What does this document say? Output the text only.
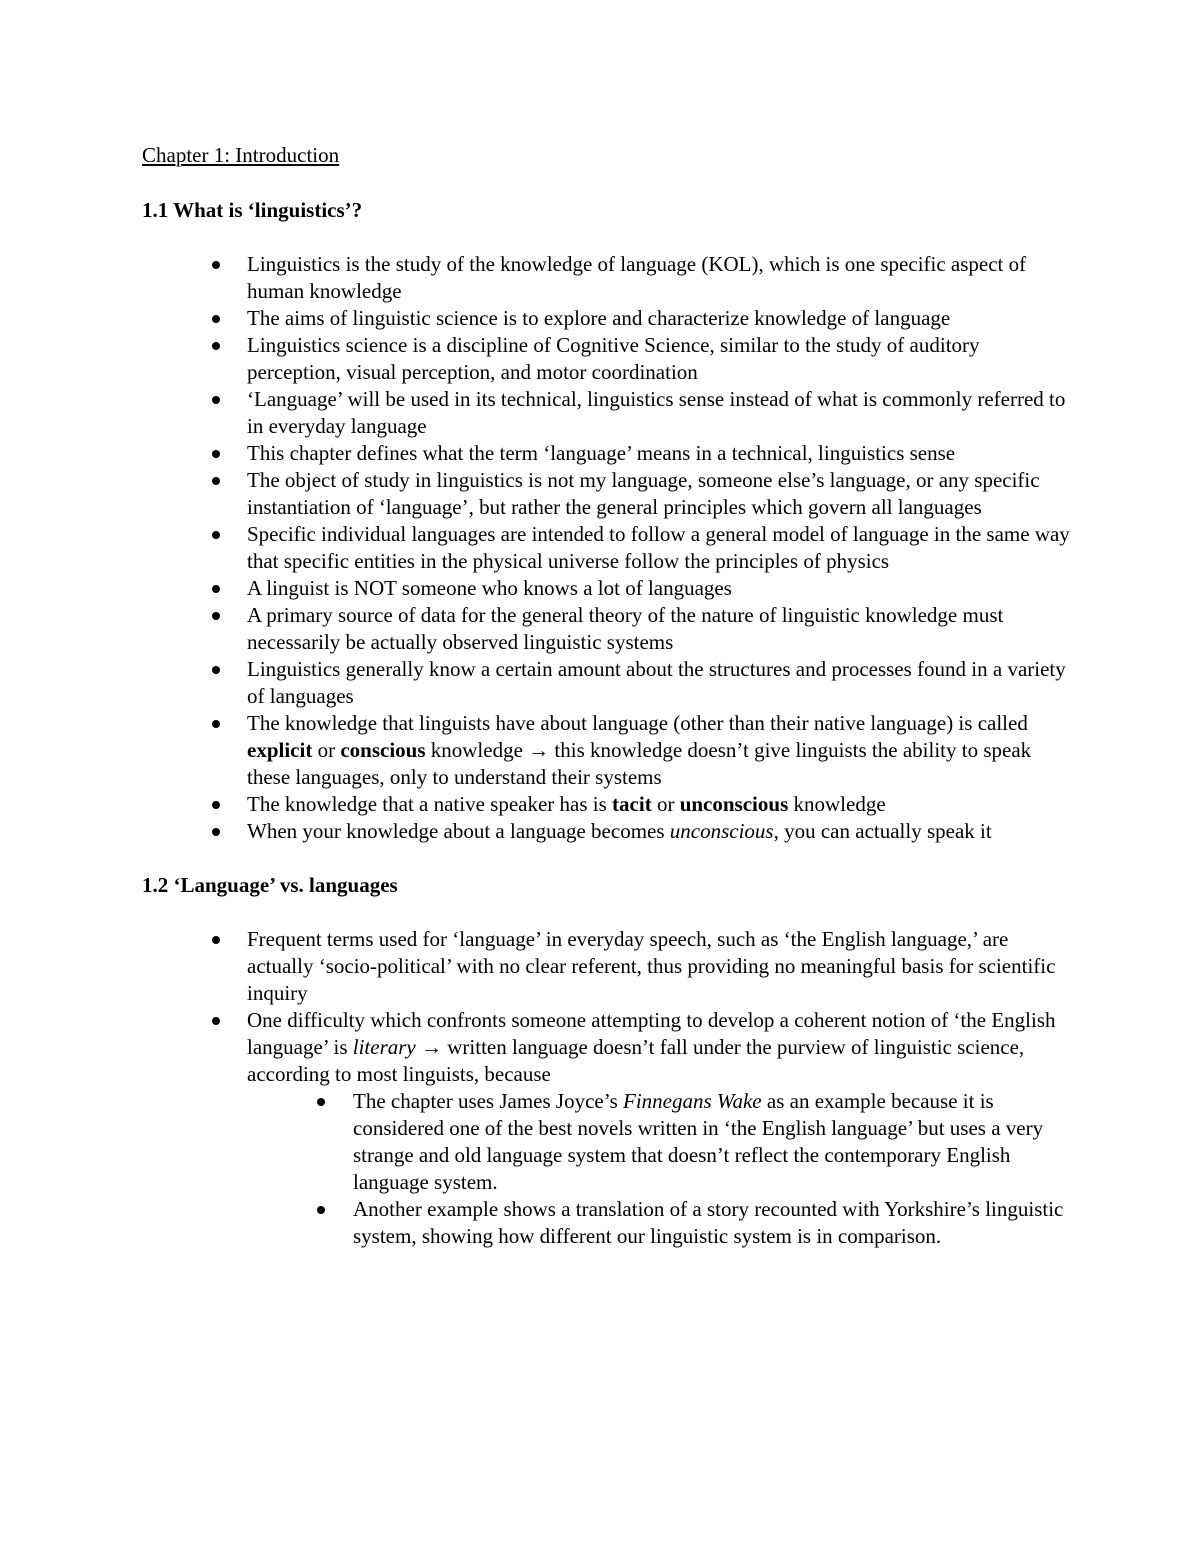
Chapter 1: Introduction

1.1 What is ‘linguistics’?

Linguistics is the study of the knowledge of language (KOL), which is one specific aspect of human knowledge
The aims of linguistic science is to explore and characterize knowledge of language
Linguistics science is a discipline of Cognitive Science, similar to the study of auditory perception, visual perception, and motor coordination
‘Language’ will be used in its technical, linguistics sense instead of what is commonly referred to in everyday language
This chapter defines what the term ‘language’ means in a technical, linguistics sense
The object of study in linguistics is not my language, someone else’s language, or any specific instantiation of ‘language’, but rather the general principles which govern all languages
Specific individual languages are intended to follow a general model of language in the same way that specific entities in the physical universe follow the principles of physics
A linguist is NOT someone who knows a lot of languages
A primary source of data for the general theory of the nature of linguistic knowledge must necessarily be actually observed linguistic systems
Linguistics generally know a certain amount about the structures and processes found in a variety of languages
The knowledge that linguists have about language (other than their native language) is called explicit or conscious knowledge → this knowledge doesn’t give linguists the ability to speak these languages, only to understand their systems
The knowledge that a native speaker has is tacit or unconscious knowledge
When your knowledge about a language becomes unconscious, you can actually speak it

1.2 ‘Language’ vs. languages

Frequent terms used for ‘language’ in everyday speech, such as ‘the English language,’ are actually ‘socio-political’ with no clear referent, thus providing no meaningful basis for scientific inquiry
One difficulty which confronts someone attempting to develop a coherent notion of ‘the English language’ is literary → written language doesn’t fall under the purview of linguistic science, according to most linguists, because
The chapter uses James Joyce’s Finnegans Wake as an example because it is considered one of the best novels written in ‘the English language’ but uses a very strange and old language system that doesn’t reflect the contemporary English language system.
Another example shows a translation of a story recounted with Yorkshire’s linguistic system, showing how different our linguistic system is in comparison.
